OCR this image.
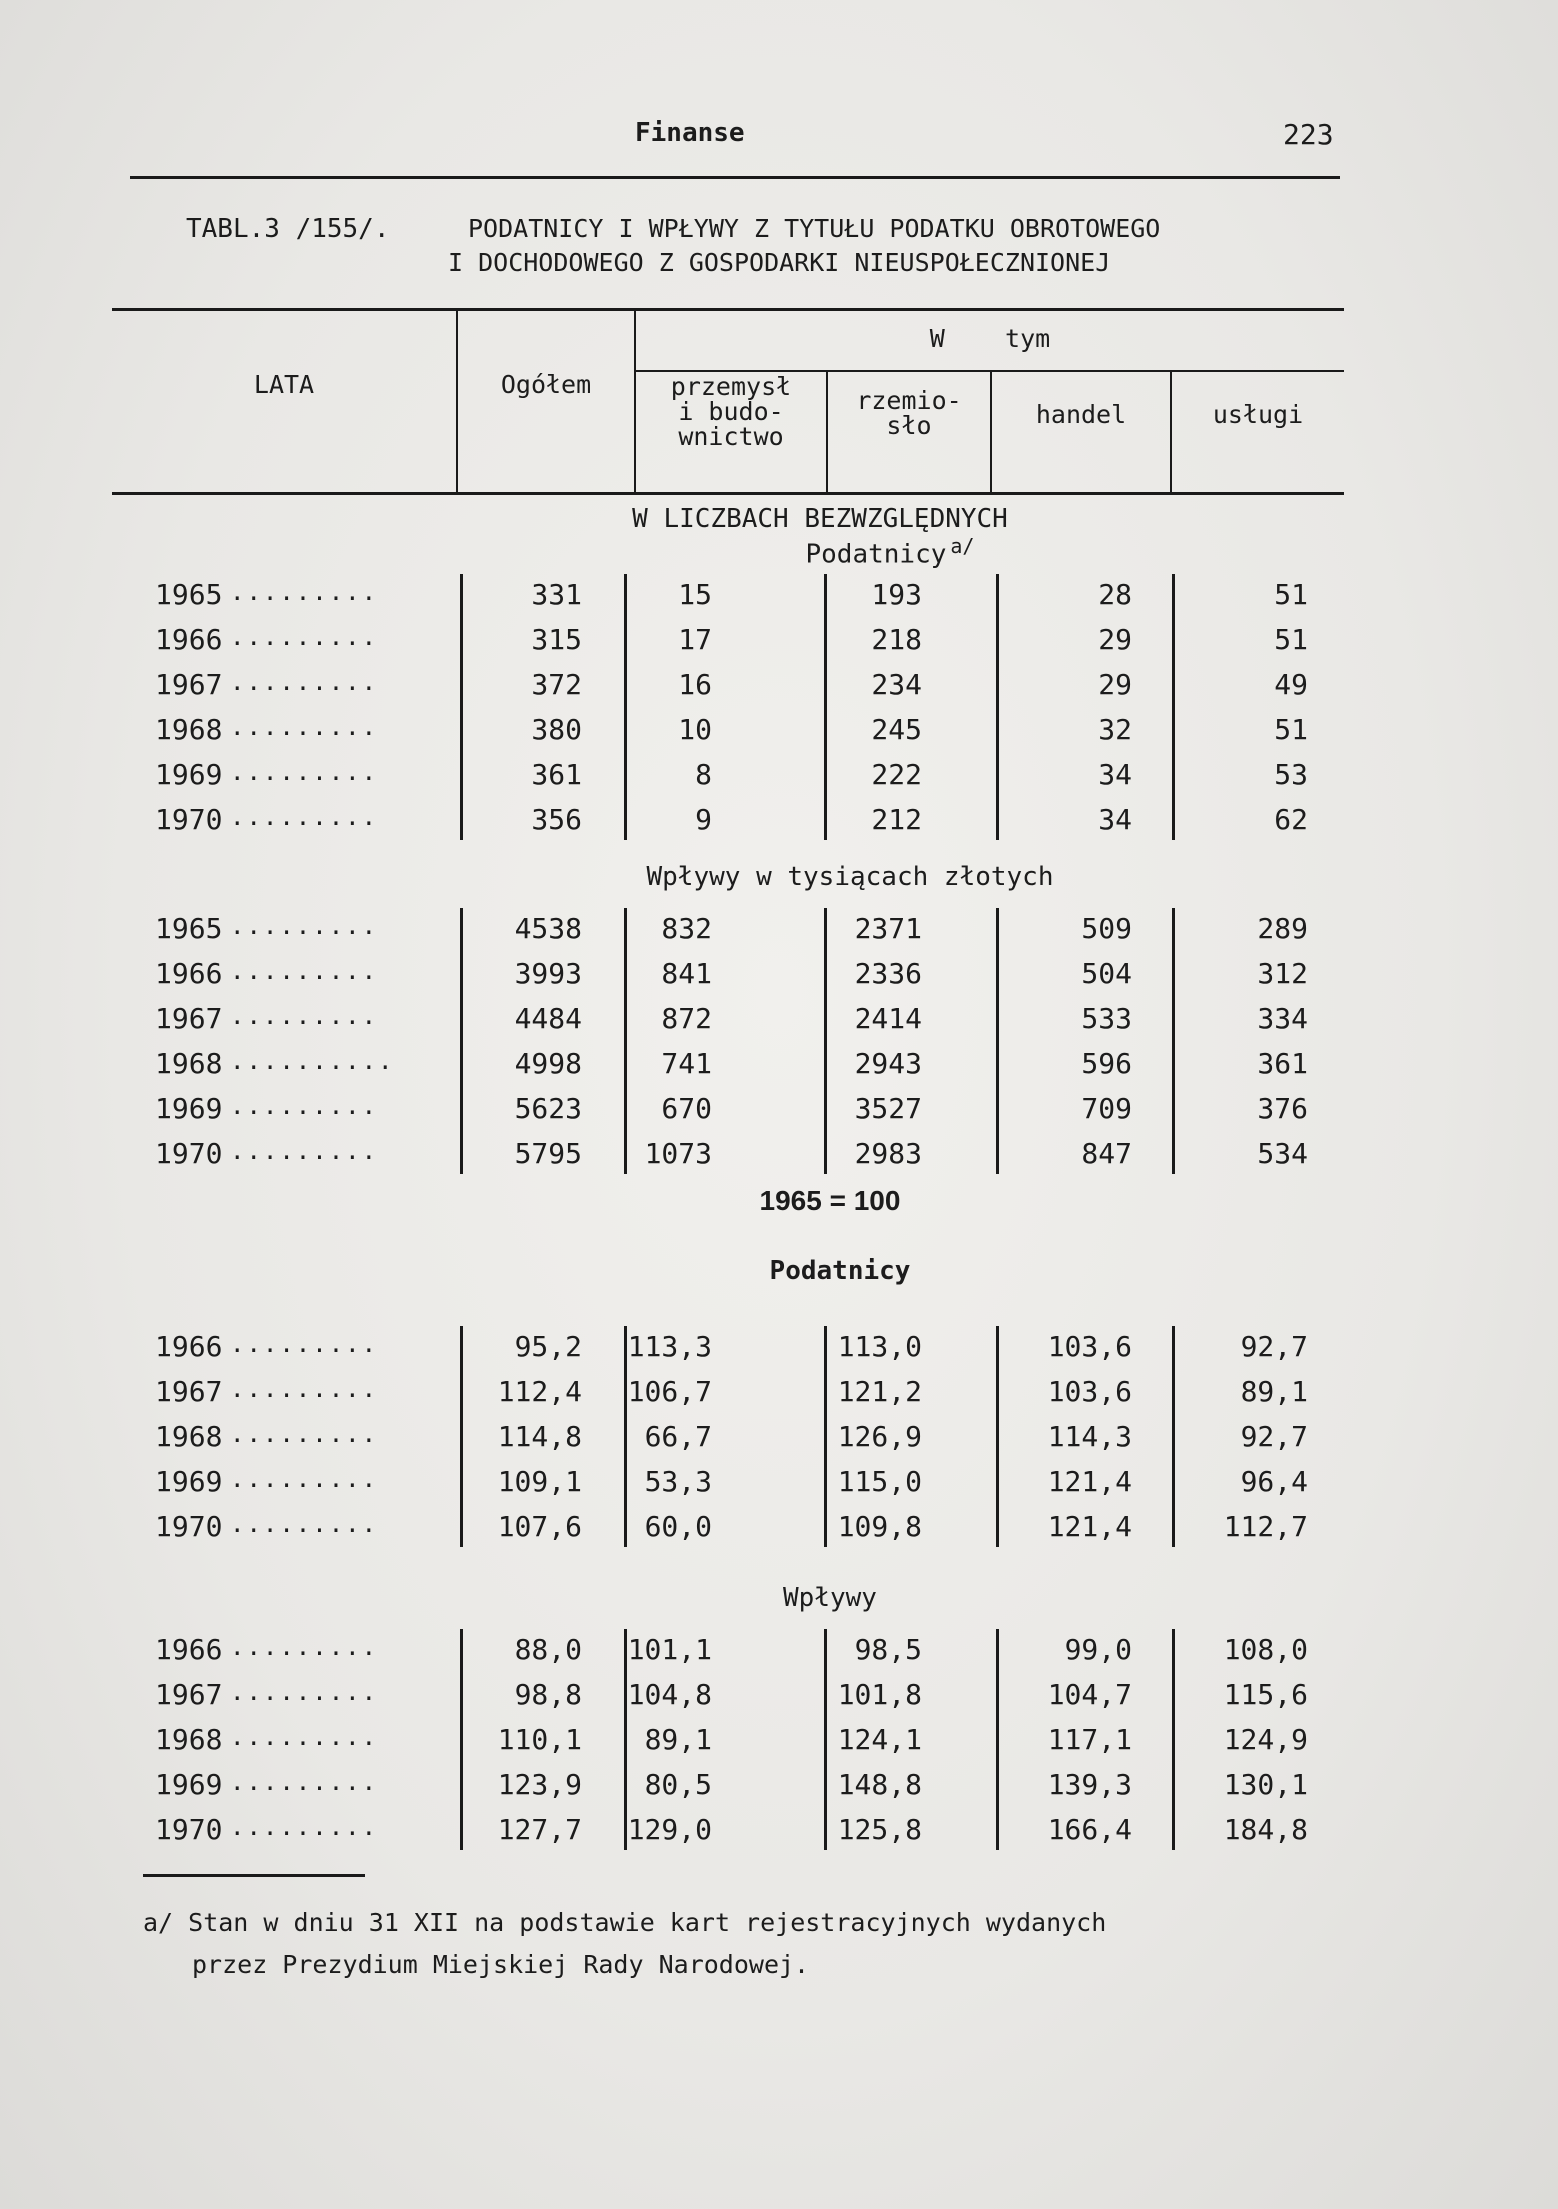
Finanse	223
TABL.3 /155/.	PODATNICY I WPŁYWY Z TYTUŁU PODATKU OBROTOWEGO
I DOCHODOWEGO Z GOSPODARKI NIEUSPOŁECZNIONEJ
LATA	Ogółem
W    tym
przemysł
i budo-
wnictwo
rzemio-
sło	handel	usługi
W LICZBACH BEZWZGLĘDNYCH
Podatnicy $^{a/}$
Wpływy w tysiącach złotych
1965 = 100
Podatnicy
Wpływy
1965 .........	331	15	193	28	51
1966 .........	315	17	218	29	51
1967 .........	372	16	234	29	49
1968 .........	380	10	245	32	51
1969 .........	361	8	222	34	53
1970 .........	356	9	212	34	62
1965 .........	4538	832	2371	509	289
1966 .........	3993	841	2336	504	312
1967 .........	4484	872	2414	533	334
1968 ..........	4998	741	2943	596	361
1969 .........	5623	670	3527	709	376
1970 .........	5795	1073	2983	847	534
1966 .........	95,2	113,3	113,0	103,6	92,7
1967 .........	112,4	106,7	121,2	103,6	89,1
1968 .........	114,8	66,7	126,9	114,3	92,7
1969 .........	109,1	53,3	115,0	121,4	96,4
1970 .........	107,6	60,0	109,8	121,4	112,7
1966 .........	88,0	101,1	98,5	99,0	108,0
1967 .........	98,8	104,8	101,8	104,7	115,6
1968 .........	110,1	89,1	124,1	117,1	124,9
1969 .........	123,9	80,5	148,8	139,3	130,1
1970 .........	127,7	129,0	125,8	166,4	184,8
a/ Stan w dniu 31 XII na podstawie kart rejestracyjnych wydanych
przez Prezydium Miejskiej Rady Narodowej.
